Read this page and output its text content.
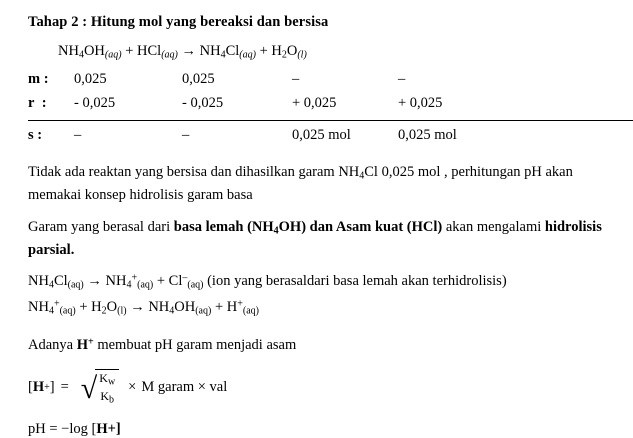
Tahap 2 : Hitung mol yang bereaksi dan bersisa
$NH_4OH_{(aq)} + HCl_{(aq)} \to NH_4Cl_{(aq)} + H_2O_{(l)}$
m :	0,025	0,025	–	–
r :	- 0,025	- 0,025	+ 0,025	+ 0,025
s :	–	–	0,025 mol	0,025 mol
Tidak ada reaktan yang bersisa dan dihasilkan garam $NH_4Cl$ 0,025 mol , perhitungan pH akan memakai konsep hidrolisis garam basa
Garam yang berasal dari basa lemah $(NH_4OH)$ dan Asam kuat (HCl) akan mengalami hidrolisis parsial.
$NH_4Cl_{(aq)} \to NH_4^+_{(aq)} + Cl^-_{(aq)}$ (ion yang berasaldari basa lemah akan terhidrolisis)
$NH_4^+_{(aq)} + H_2O_{(l)} \to NH_4OH_{(aq)} + H^+_{(aq)}$
Adanya H+ membuat pH garam menjadi asam
[ H + ] = √ $K_w$
$K_b$
× M garam × val
pH = −log [H+]
